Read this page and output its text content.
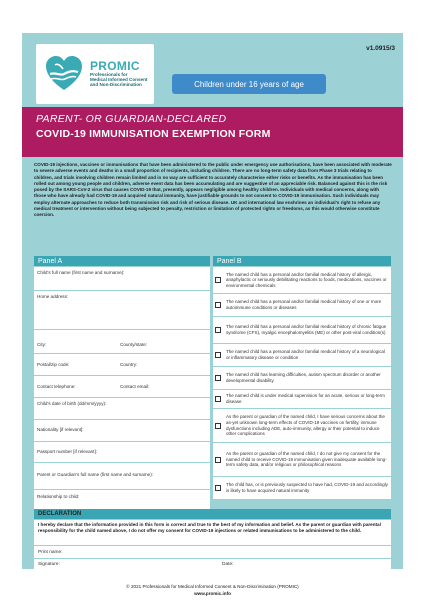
v1.0915/3
PROMIC
Professionals for
Medical Informed Consent
and Non-Discrimination	Children under 16 years of age
PARENT- OR GUARDIAN-DECLARED
COVID-19 IMMUNISATION EXEMPTION FORM
COVID-19 injections, vaccines or immunisations that have been administered to the public under emergency use authorisations, have been associated with moderate to severe adverse events and deaths in a small proportion of recipients, including children. There are no long-term safety data from Phase 3 trials relating to children, and trials involving children remain limited and in no way are sufficient to accurately characterise either risks or benefits. As the immunisation has been rolled out among young people and children, adverse event data has been accumulating and are suggestive of an appreciable risk. Balanced against this is the risk posed by the SARS-CoV-2 virus that causes COVID-19 that, presently, appears negligible among healthy children. Individuals with medical concerns, along with those who have already had COVID-19 and acquired natural immunity, have justifiable grounds to not consent to COVID-19 immunisation. Such individuals may employ alternate approaches to reduce both transmission risk and risk of serious disease. UK and international law enshrines an individual's right to refuse any medical treatment or intervention without being subjected to penalty, restriction or limitation of protected rights or freedoms, as this would otherwise constitute coercion.
Panel A
Child's full name (first name and surname):
Home address:
City:	County/state:
Postal/zip code:	Country:
Contact telephone:	Contact email:
Child's date of birth (dd/mm/yyyy):
Nationality [if relevant]:
Passport number [if relevant]:
Parent or Guardian's full name (first name and surname):
Relationship to child:
Panel B
The named child has a personal and/or familial medical history of allergic, anaphylactic or seriously debilitating reactions to foods, medications, vaccines or environmental chemicals
The named child has a personal and/or familial medical history of one or more autoimmune conditions or diseases
The named child has a personal and/or familial medical history of chronic fatigue syndrome (CFS), myalgic encephalomyelitis (ME) or other post-viral condition(s)
The named child has a personal and/or familial medical history of a neurological or inflammatory disease or condition
The named child has learning difficulties, autism spectrum disorder or another developmental disability
The named child is under medical supervision for an acute, serious or long-term disease
As the parent or guardian of the named child, I have serious concerns about the as-yet unknown long-term effects of COVID-19 vaccines on fertility, immune dysfunctions including ADE, auto-immunity, allergy or their potential to induce other complications
As the parent or guardian of the named child, I do not give my consent for the named child to receive COVID-19 immunisation given inadequate available long-term safety data, and/or religious or philosophical reasons
The child has, or is previously suspected to have had, COVID-19 and accordingly is likely to have acquired natural immunity
DECLARATION
I hereby declare that the information provided in this form is correct and true to the best of my information and belief. As the parent or guardian with parental responsibility for the child named above, I do not offer my consent for COVID-19 injections or related immunisations to be administered to the child.
Print name:
Signature:	Date:
© 2021 Professionals for Medical Informed Consent & Non-Discrimination (PROMIC)
www.promic.info
